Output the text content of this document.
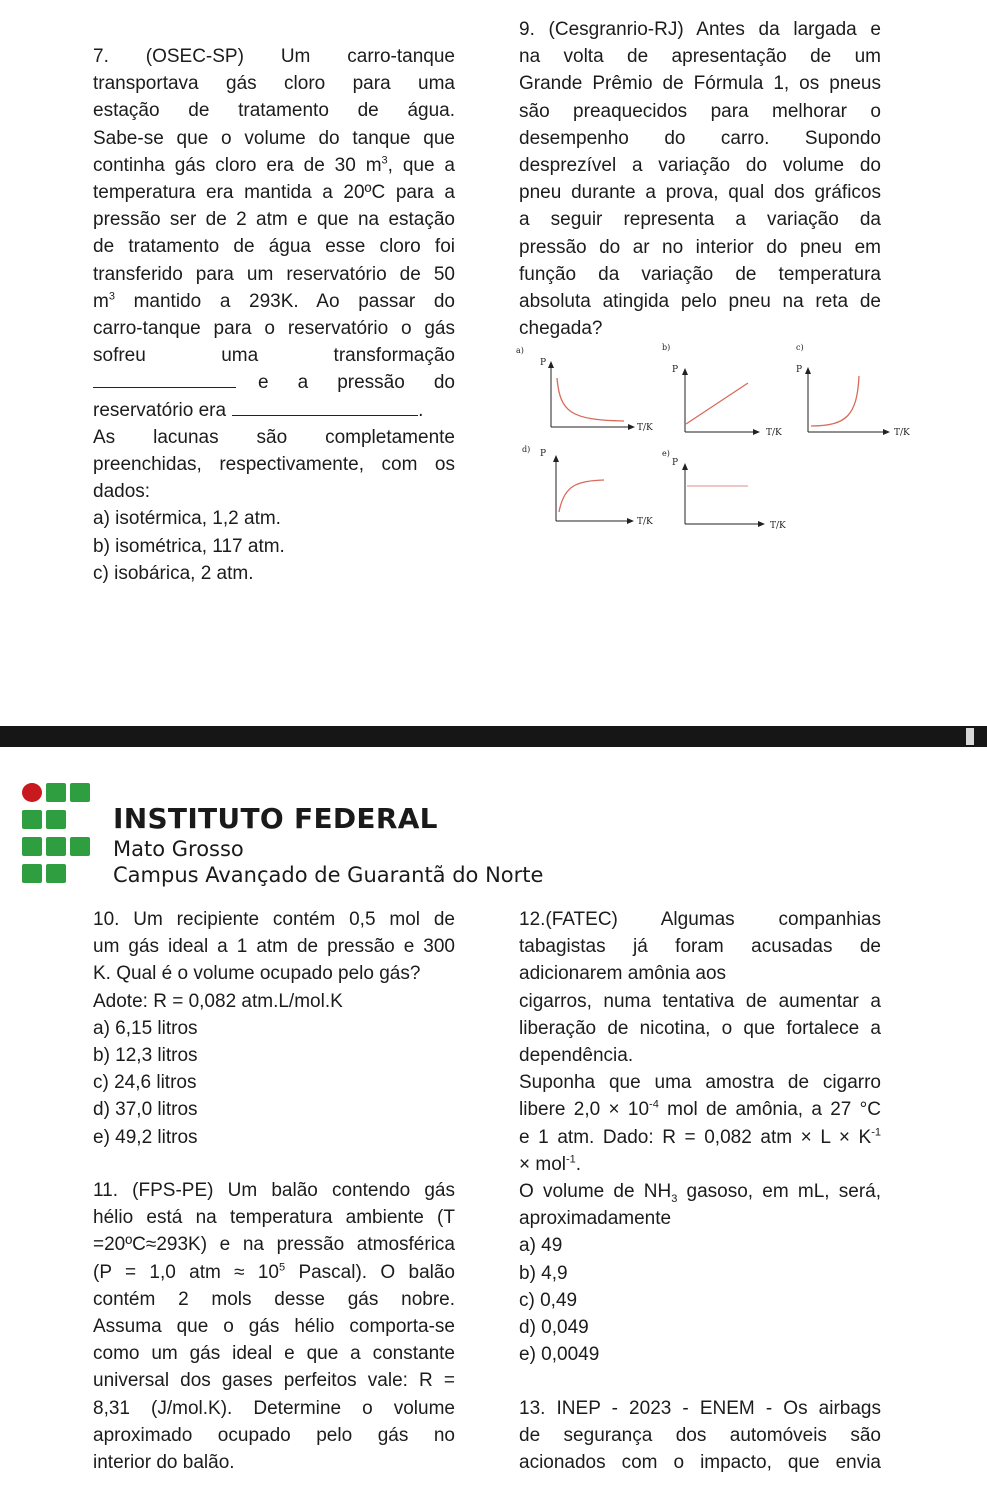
7. (OSEC-SP) Um carro-tanque

transportava gás cloro para uma

estação de tratamento de água.

Sabe-se que o volume do tanque que

continha gás cloro era de 30 $m^3$, que a

temperatura era mantida a 20ºC para a

pressão ser de 2 atm e que na estação

de tratamento de água esse cloro foi

transferido para um reservatório de 50

$m^3$ mantido a 293K. Ao passar do

carro-tanque para o reservatório o gás

sofreu uma transformação

e a pressão do

reservatório era	.

As lacunas são completamente

preenchidas, respectivamente, com os

dados:

a) isotérmica, 1,2 atm.

b) isométrica, 117 atm.

c) isobárica, 2 atm.

9. (Cesgranrio-RJ) Antes da largada e

na volta de apresentação de um

Grande Prêmio de Fórmula 1, os pneus

são preaquecidos para melhorar o

desempenho do carro. Supondo

desprezível a variação do volume do

pneu durante a prova, qual dos gráficos

a seguir representa a variação da

pressão do ar no interior do pneu em

função da variação de temperatura

absoluta atingida pelo pneu na reta de

chegada?

a)
P
T/K
b)
P
T/K
c)
P
T/K
d) P
T/K
e)
P
T/K
INSTITUTO FEDERAL
Mato Grosso
Campus Avançado de Guarantã do Norte

10. Um recipiente contém 0,5 mol de

um gás ideal a 1 atm de pressão e 300

K. Qual é o volume ocupado pelo gás?

Adote: R = 0,082 atm.L/mol.K

a) 6,15 litros

b) 12,3 litros

c) 24,6 litros

d) 37,0 litros

e) 49,2 litros

11. (FPS-PE) Um balão contendo gás

hélio está na temperatura ambiente (T

=20ºC≈293K) e na pressão atmosférica

(P = 1,0 atm ≈ $10^5$ Pascal). O balão

contém 2 mols desse gás nobre.

Assuma que o gás hélio comporta-se

como um gás ideal e que a constante

universal dos gases perfeitos vale: R =

8,31 (J/mol.K). Determine o volume

aproximado ocupado pelo gás no

interior do balão.

12.(FATEC) Algumas companhias

tabagistas já foram acusadas de

adicionarem amônia aos

cigarros, numa tentativa de aumentar a

liberação de nicotina, o que fortalece a

dependência.

Suponha que uma amostra de cigarro

libere $2,0 \times 10^{-4}$ mol de amônia, a 27 °C

e 1 atm. Dado: R = 0,082 atm × $L \times K^{-1}$

× mol$^{-1}$.

O volume de $NH_3$ gasoso, em mL, será,

aproximadamente

a) 49

b) 4,9

c) 0,49

d) 0,049

e) 0,0049

13. INEP - 2023 - ENEM - Os airbags

de segurança dos automóveis são

acionados com o impacto, que envia
